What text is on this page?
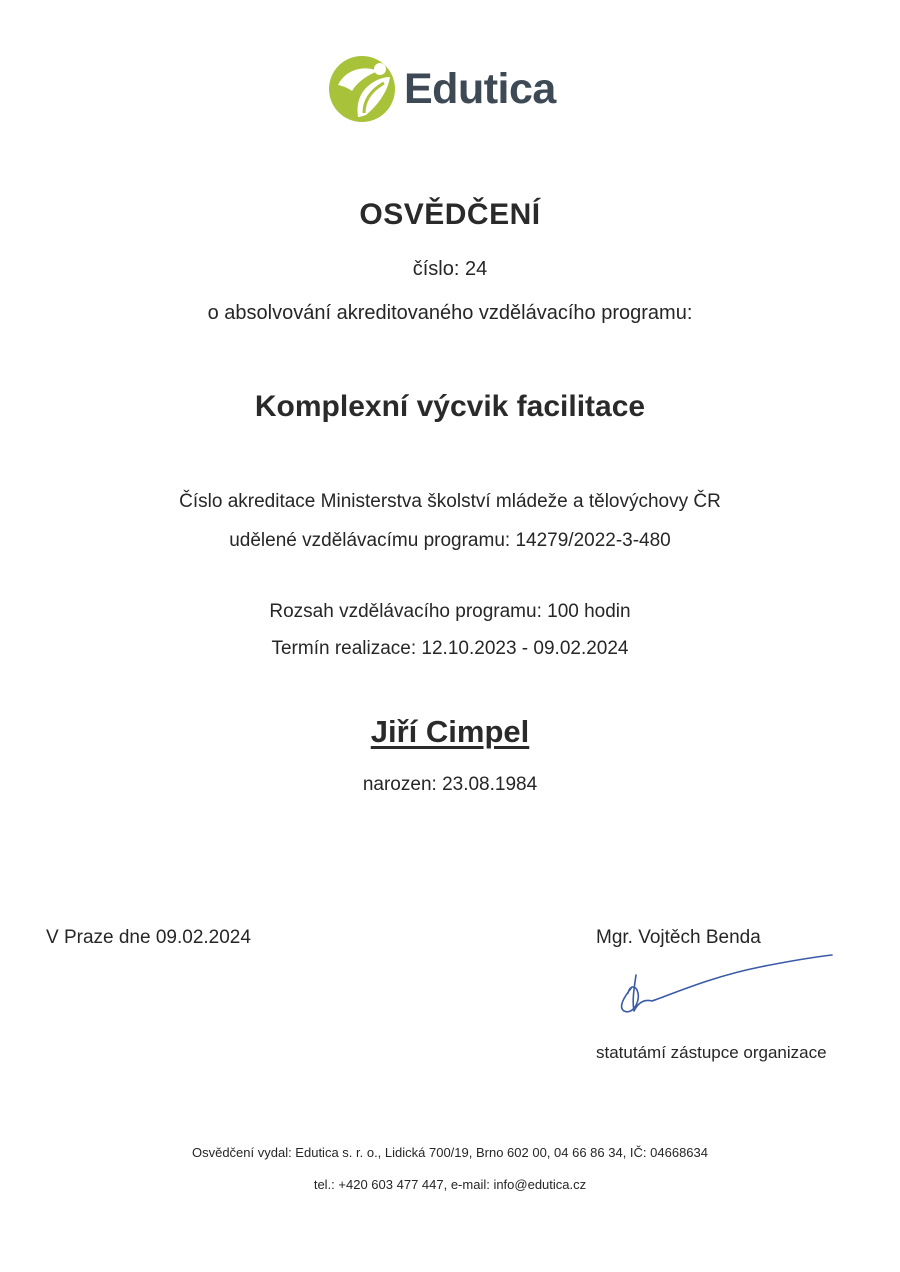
Edutica
OSVĚDČENÍ
číslo: 24
o absolvování akreditovaného vzdělávacího programu:
Komplexní výcvik facilitace
Číslo akreditace Ministerstva školství mládeže a tělovýchovy ČR
udělené vzdělávacímu programu: 14279/2022-3-480
Rozsah vzdělávacího programu: 100 hodin
Termín realizace: 12.10.2023 - 09.02.2024
Jiří Cimpel
narozen: 23.08.1984
V Praze dne 09.02.2024	Mgr. Vojtěch Benda
statutámí zástupce organizace
Osvědčení vydal: Edutica s. r. o., Lidická 700/19, Brno 602 00, 04 66 86 34, IČ: 04668634
tel.: +420 603 477 447, e-mail: info@edutica.cz
